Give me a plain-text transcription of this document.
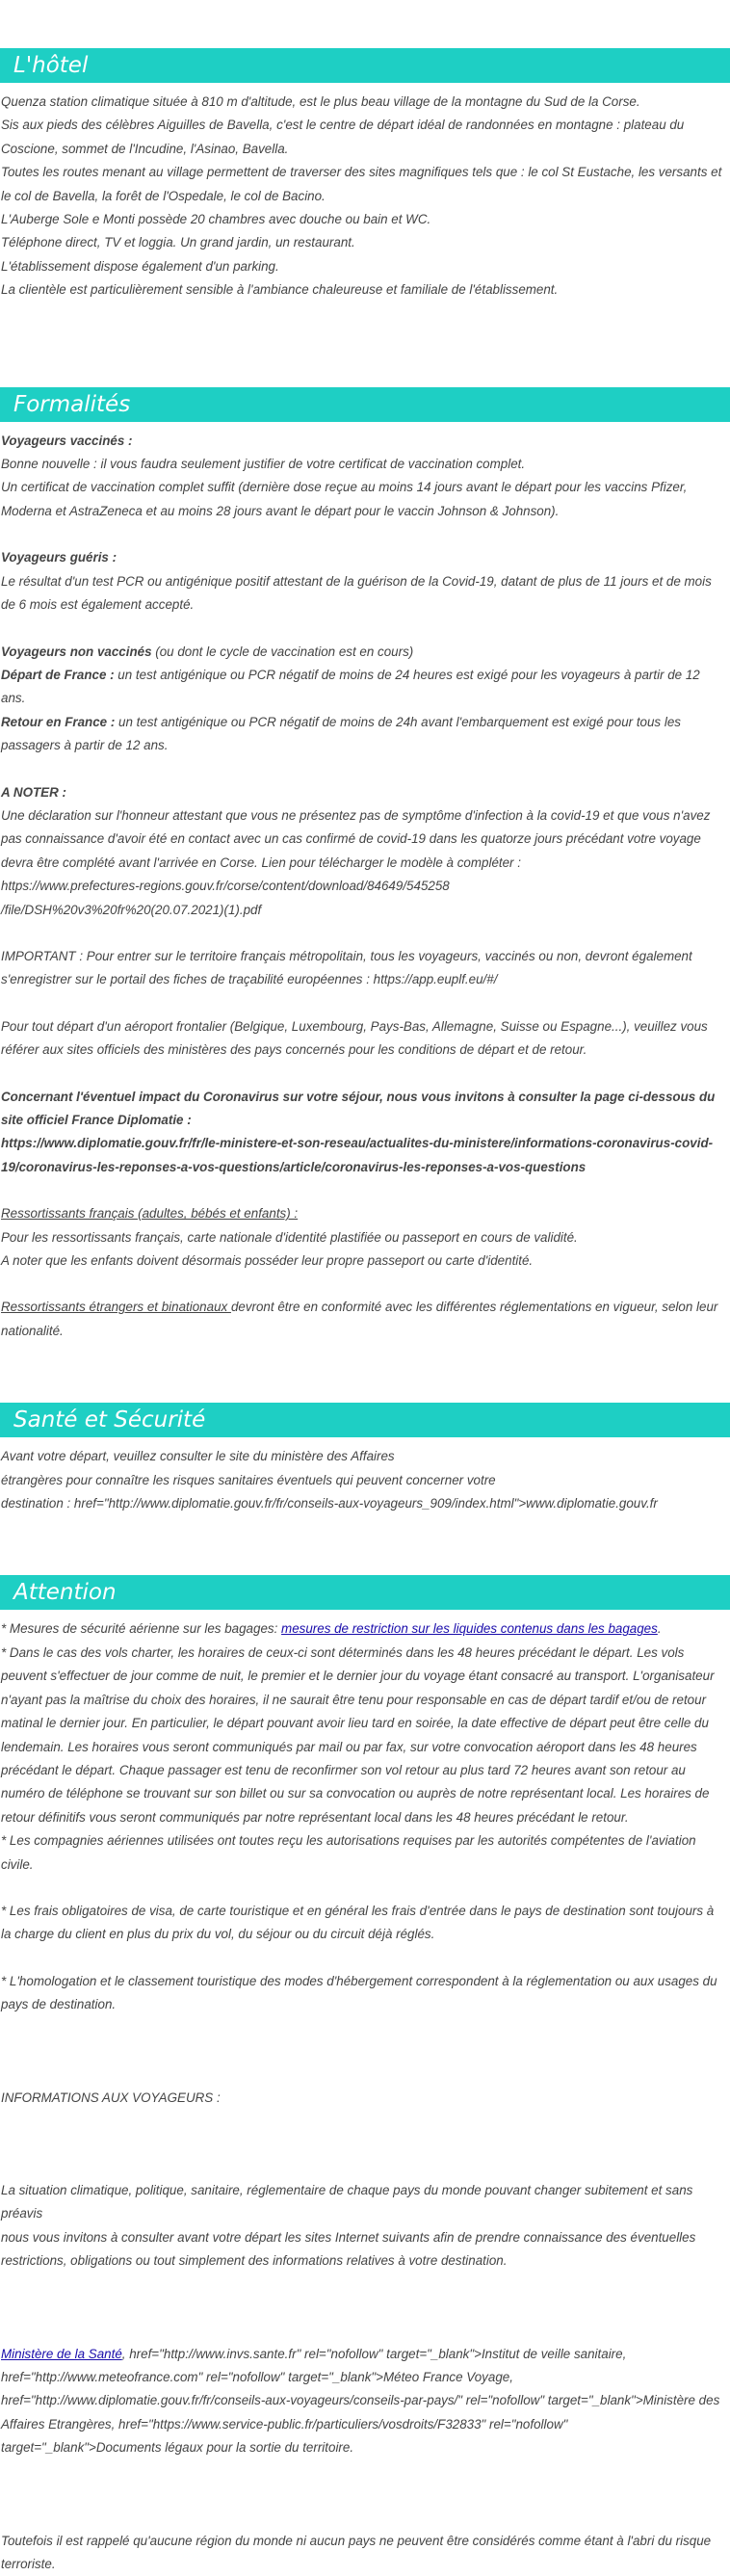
L'hôtel

Quenza station climatique située à 810 m d'altitude, est le plus beau village de la montagne du Sud de la Corse.

Sis aux pieds des célèbres Aiguilles de Bavella, c'est le centre de départ idéal de randonnées en montagne : plateau du Coscione, sommet de l'Incudine, l'Asinao, Bavella.

Toutes les routes menant au village permettent de traverser des sites magnifiques tels que : le col St Eustache, les versants et le col de Bavella, la forêt de l'Ospedale, le col de Bacino.

L'Auberge Sole e Monti possède 20 chambres avec douche ou bain et WC.

Téléphone direct, TV et loggia. Un grand jardin, un restaurant.

L'établissement dispose également d'un parking.

La clientèle est particulièrement sensible à l'ambiance chaleureuse et familiale de l'établissement.

Formalités

Voyageurs vaccinés :

Bonne nouvelle : il vous faudra seulement justifier de votre certificat de vaccination complet.

Un certificat de vaccination complet suffit (dernière dose reçue au moins 14 jours avant le départ pour les vaccins Pfizer, Moderna et AstraZeneca et au moins 28 jours avant le départ pour le vaccin Johnson & Johnson).

Voyageurs guéris :

Le résultat d'un test PCR ou antigénique positif attestant de la guérison de la Covid-19, datant de plus de 11 jours et de mois de 6 mois est également accepté.

Voyageurs non vaccinés (ou dont le cycle de vaccination est en cours)

Départ de France : un test antigénique ou PCR négatif de moins de 24 heures est exigé pour les voyageurs à partir de 12 ans.

Retour en France : un test antigénique ou PCR négatif de moins de 24h avant l'embarquement est exigé pour tous les passagers à partir de 12 ans.

A NOTER :

Une déclaration sur l'honneur attestant que vous ne présentez pas de symptôme d'infection à la covid-19 et que vous n'avez pas connaissance d'avoir été en contact avec un cas confirmé de covid-19 dans les quatorze jours précédant votre voyage devra être complété avant l'arrivée en Corse. Lien pour télécharger le modèle à compléter :

https://www.prefectures-regions.gouv.fr/corse/content/download/84649/545258

/file/DSH%20v3%20fr%20(20.07.2021)(1).pdf

IMPORTANT : Pour entrer sur le territoire français métropolitain, tous les voyageurs, vaccinés ou non, devront également s'enregistrer sur le portail des fiches de traçabilité européennes : https://app.euplf.eu/#/

Pour tout départ d'un aéroport frontalier (Belgique, Luxembourg, Pays-Bas, Allemagne, Suisse ou Espagne...), veuillez vous référer aux sites officiels des ministères des pays concernés pour les conditions de départ et de retour.

Concernant l'éventuel impact du Coronavirus sur votre séjour, nous vous invitons à consulter la page ci-dessous du site officiel France Diplomatie :

https://www.diplomatie.gouv.fr/fr/le-ministere-et-son-reseau/actualites-du-ministere/informations-coronavirus-covid-19/coronavirus-les-reponses-a-vos-questions/article/coronavirus-les-reponses-a-vos-questions

Ressortissants français (adultes, bébés et enfants) :

Pour les ressortissants français, carte nationale d'identité plastifiée ou passeport en cours de validité.

A noter que les enfants doivent désormais posséder leur propre passeport ou carte d'identité.

Ressortissants étrangers et binationaux devront être en conformité avec les différentes réglementations en vigueur, selon leur nationalité.

Santé et Sécurité

Avant votre départ, veuillez consulter le site du ministère des Affaires

étrangères pour connaître les risques sanitaires éventuels qui peuvent concerner votre

destination : href="http://www.diplomatie.gouv.fr/fr/conseils-aux-voyageurs_909/index.html">www.diplomatie.gouv.fr

Attention

* Mesures de sécurité aérienne sur les bagages: mesures de restriction sur les liquides contenus dans les bagages.

* Dans le cas des vols charter, les horaires de ceux-ci sont déterminés dans les 48 heures précédant le départ. Les vols peuvent s'effectuer de jour comme de nuit, le premier et le dernier jour du voyage étant consacré au transport. L'organisateur n'ayant pas la maîtrise du choix des horaires, il ne saurait être tenu pour responsable en cas de départ tardif et/ou de retour matinal le dernier jour. En particulier, le départ pouvant avoir lieu tard en soirée, la date effective de départ peut être celle du lendemain. Les horaires vous seront communiqués par mail ou par fax, sur votre convocation aéroport dans les 48 heures précédant le départ. Chaque passager est tenu de reconfirmer son vol retour au plus tard 72 heures avant son retour au numéro de téléphone se trouvant sur son billet ou sur sa convocation ou auprès de notre représentant local. Les horaires de retour définitifs vous seront communiqués par notre représentant local dans les 48 heures précédant le retour.

* Les compagnies aériennes utilisées ont toutes reçu les autorisations requises par les autorités compétentes de l'aviation civile.

* Les frais obligatoires de visa, de carte touristique et en général les frais d'entrée dans le pays de destination sont toujours à la charge du client en plus du prix du vol, du séjour ou du circuit déjà réglés.

* L'homologation et le classement touristique des modes d'hébergement correspondent à la réglementation ou aux usages du pays de destination.

INFORMATIONS AUX VOYAGEURS :

La situation climatique, politique, sanitaire, réglementaire de chaque pays du monde pouvant changer subitement et sans préavis

nous vous invitons à consulter avant votre départ les sites Internet suivants afin de prendre connaissance des éventuelles restrictions, obligations ou tout simplement des informations relatives à votre destination.

Ministère de la Santé, href="http://www.invs.sante.fr" rel="nofollow" target="_blank">Institut de veille sanitaire, href="http://www.meteofrance.com" rel="nofollow" target="_blank">Méteo France Voyage, href="http://www.diplomatie.gouv.fr/fr/conseils-aux-voyageurs/conseils-par-pays/" rel="nofollow" target="_blank">Ministère des Affaires Etrangères, href="https://www.service-public.fr/particuliers/vosdroits/F32833" rel="nofollow" target="_blank">Documents légaux pour la sortie du territoire.

Toutefois il est rappelé qu'aucune région du monde ni aucun pays ne peuvent être considérés comme étant à l'abri du risque terroriste.
